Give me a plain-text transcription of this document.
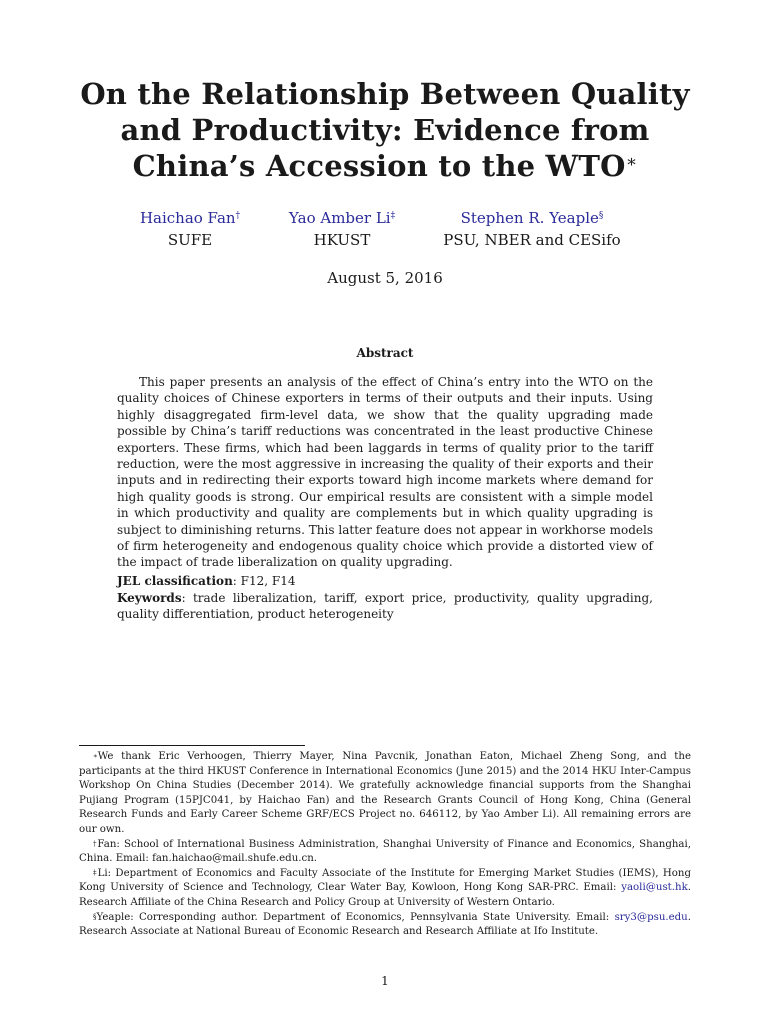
On the Relationship Between Quality
and Productivity: Evidence from
China’s Accession to the WTO∗
Haichao Fan†
SUFE
Yao Amber Li‡
HKUST
Stephen R. Yeaple§
PSU, NBER and CESifo
August 5, 2016
Abstract

This paper presents an analysis of the effect of China’s entry into the WTO on the quality choices of Chinese exporters in terms of their outputs and their inputs. Using highly disaggregated firm-level data, we show that the quality upgrading made possible by China’s tariff reductions was concentrated in the least productive Chinese exporters. These firms, which had been laggards in terms of quality prior to the tariff reduction, were the most aggressive in increasing the quality of their exports and their inputs and in redirecting their exports toward high income markets where demand for high quality goods is strong. Our empirical results are consistent with a simple model in which productivity and quality are complements but in which quality upgrading is subject to diminishing returns. This latter feature does not appear in workhorse models of firm heterogeneity and endogenous quality choice which provide a distorted view of the impact of trade liberalization on quality upgrading.

JEL classification: F12, F14

Keywords: trade liberalization, tariff, export price, productivity, quality upgrading, quality differentiation, product heterogeneity

∗We thank Eric Verhoogen, Thierry Mayer, Nina Pavcnik, Jonathan Eaton, Michael Zheng Song, and the participants at the third HKUST Conference in International Economics (June 2015) and the 2014 HKU Inter-Campus Workshop On China Studies (December 2014). We gratefully acknowledge financial supports from the Shanghai Pujiang Program (15PJC041, by Haichao Fan) and the Research Grants Council of Hong Kong, China (General Research Funds and Early Career Scheme GRF/ECS Project no. 646112, by Yao Amber Li). All remaining errors are our own.

†Fan: School of International Business Administration, Shanghai University of Finance and Economics, Shanghai, China. Email: fan.haichao@mail.shufe.edu.cn.

‡Li: Department of Economics and Faculty Associate of the Institute for Emerging Market Studies (IEMS), Hong Kong University of Science and Technology, Clear Water Bay, Kowloon, Hong Kong SAR-PRC. Email: yaoli@ust.hk. Research Affiliate of the China Research and Policy Group at University of Western Ontario.

§Yeaple: Corresponding author. Department of Economics, Pennsylvania State University. Email: sry3@psu.edu. Research Associate at National Bureau of Economic Research and Research Affiliate at Ifo Institute.

1
